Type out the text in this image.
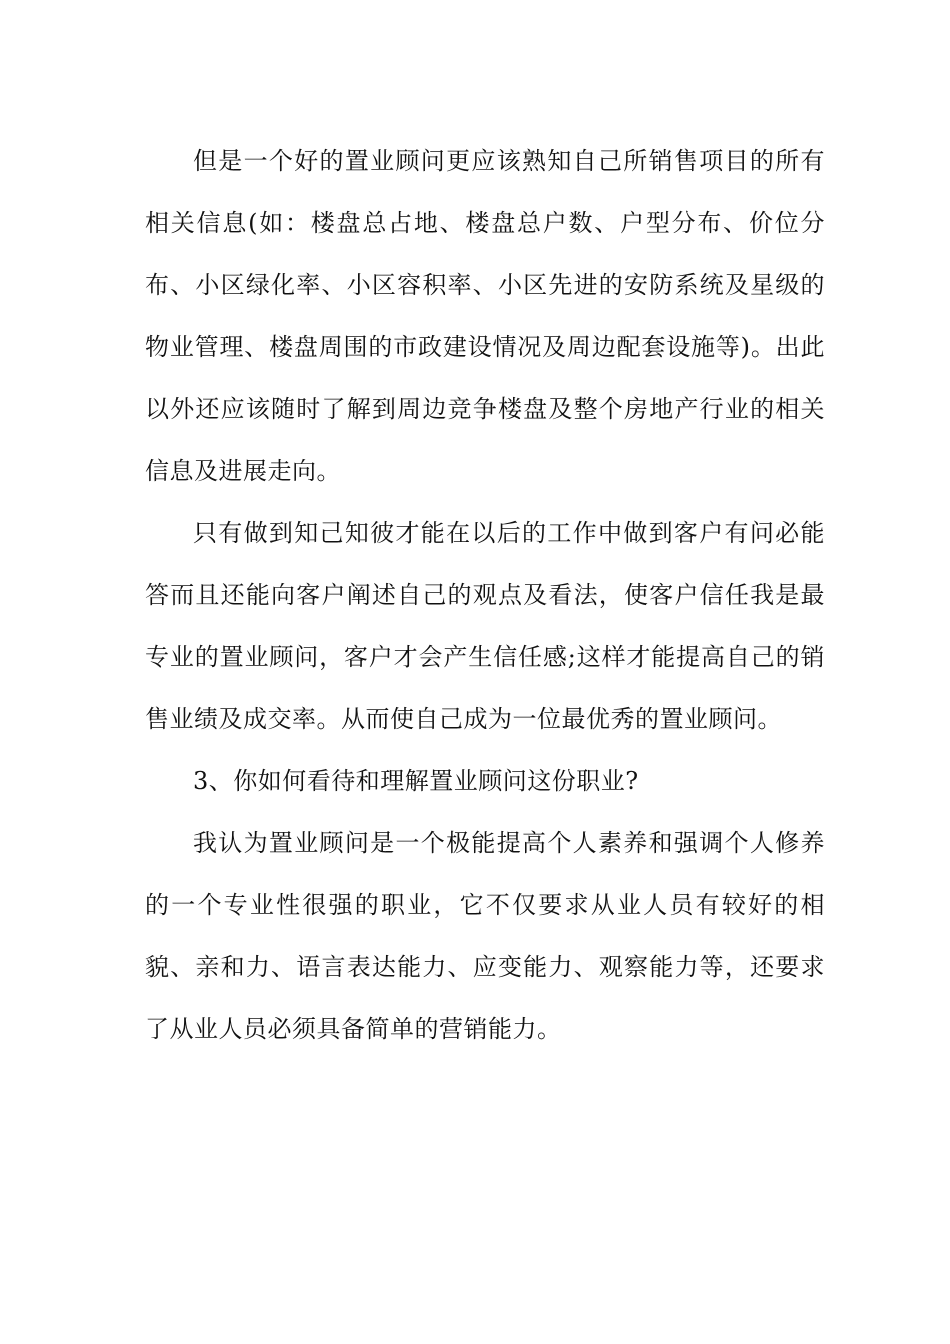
但是一个好的置业顾问更应该熟知自己所销售项目的所有相关信息(如：楼盘总占地、楼盘总户数、户型分布、价位分布、小区绿化率、小区容积率、小区先进的安防系统及星级的物业管理、楼盘周围的市政建设情况及周边配套设施等)。出此以外还应该随时了解到周边竞争楼盘及整个房地产行业的相关信息及进展走向。

只有做到知己知彼才能在以后的工作中做到客户有问必能答而且还能向客户阐述自己的观点及看法，使客户信任我是最专业的置业顾问，客户才会产生信任感;这样才能提高自己的销售业绩及成交率。从而使自己成为一位最优秀的置业顾问。

3、你如何看待和理解置业顾问这份职业?

我认为置业顾问是一个极能提高个人素养和强调个人修养的一个专业性很强的职业，它不仅要求从业人员有较好的相貌、亲和力、语言表达能力、应变能力、观察能力等，还要求了从业人员必须具备简单的营销能力。
